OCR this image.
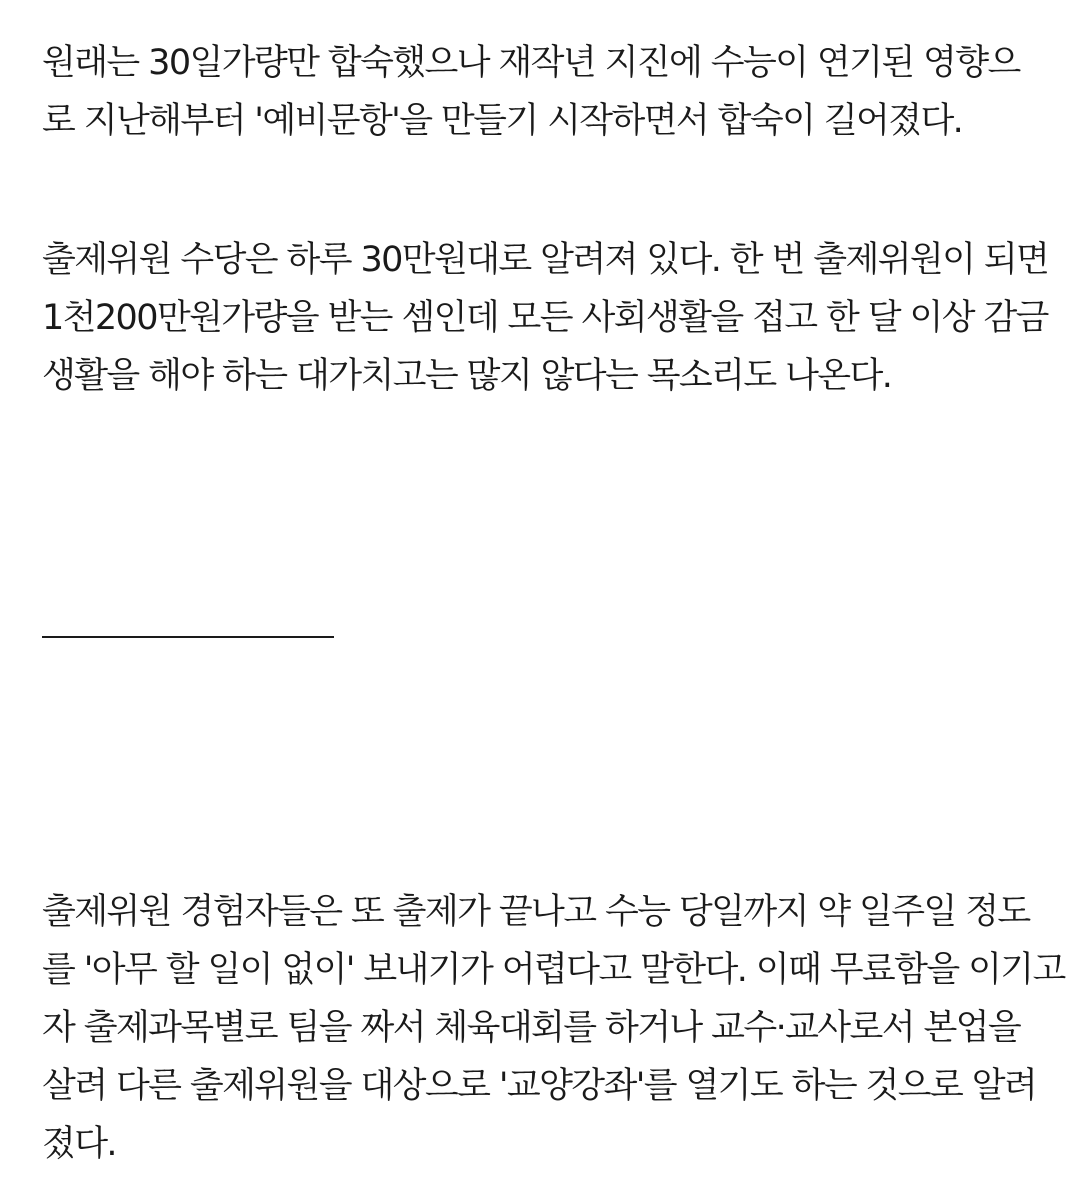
원래는 30일가량만 합숙했으나 재작년 지진에 수능이 연기된 영향으
로 지난해부터 '예비문항'을 만들기 시작하면서 합숙이 길어졌다.

출제위원 수당은 하루 30만원대로 알려져 있다. 한 번 출제위원이 되면
1천200만원가량을 받는 셈인데 모든 사회생활을 접고 한 달 이상 감금
생활을 해야 하는 대가치고는 많지 않다는 목소리도 나온다.

출제위원 경험자들은 또 출제가 끝나고 수능 당일까지 약 일주일 정도
를 '아무 할 일이 없이' 보내기가 어렵다고 말한다. 이때 무료함을 이기고
자 출제과목별로 팀을 짜서 체육대회를 하거나 교수·교사로서 본업을
살려 다른 출제위원을 대상으로 '교양강좌'를 열기도 하는 것으로 알려
졌다.
